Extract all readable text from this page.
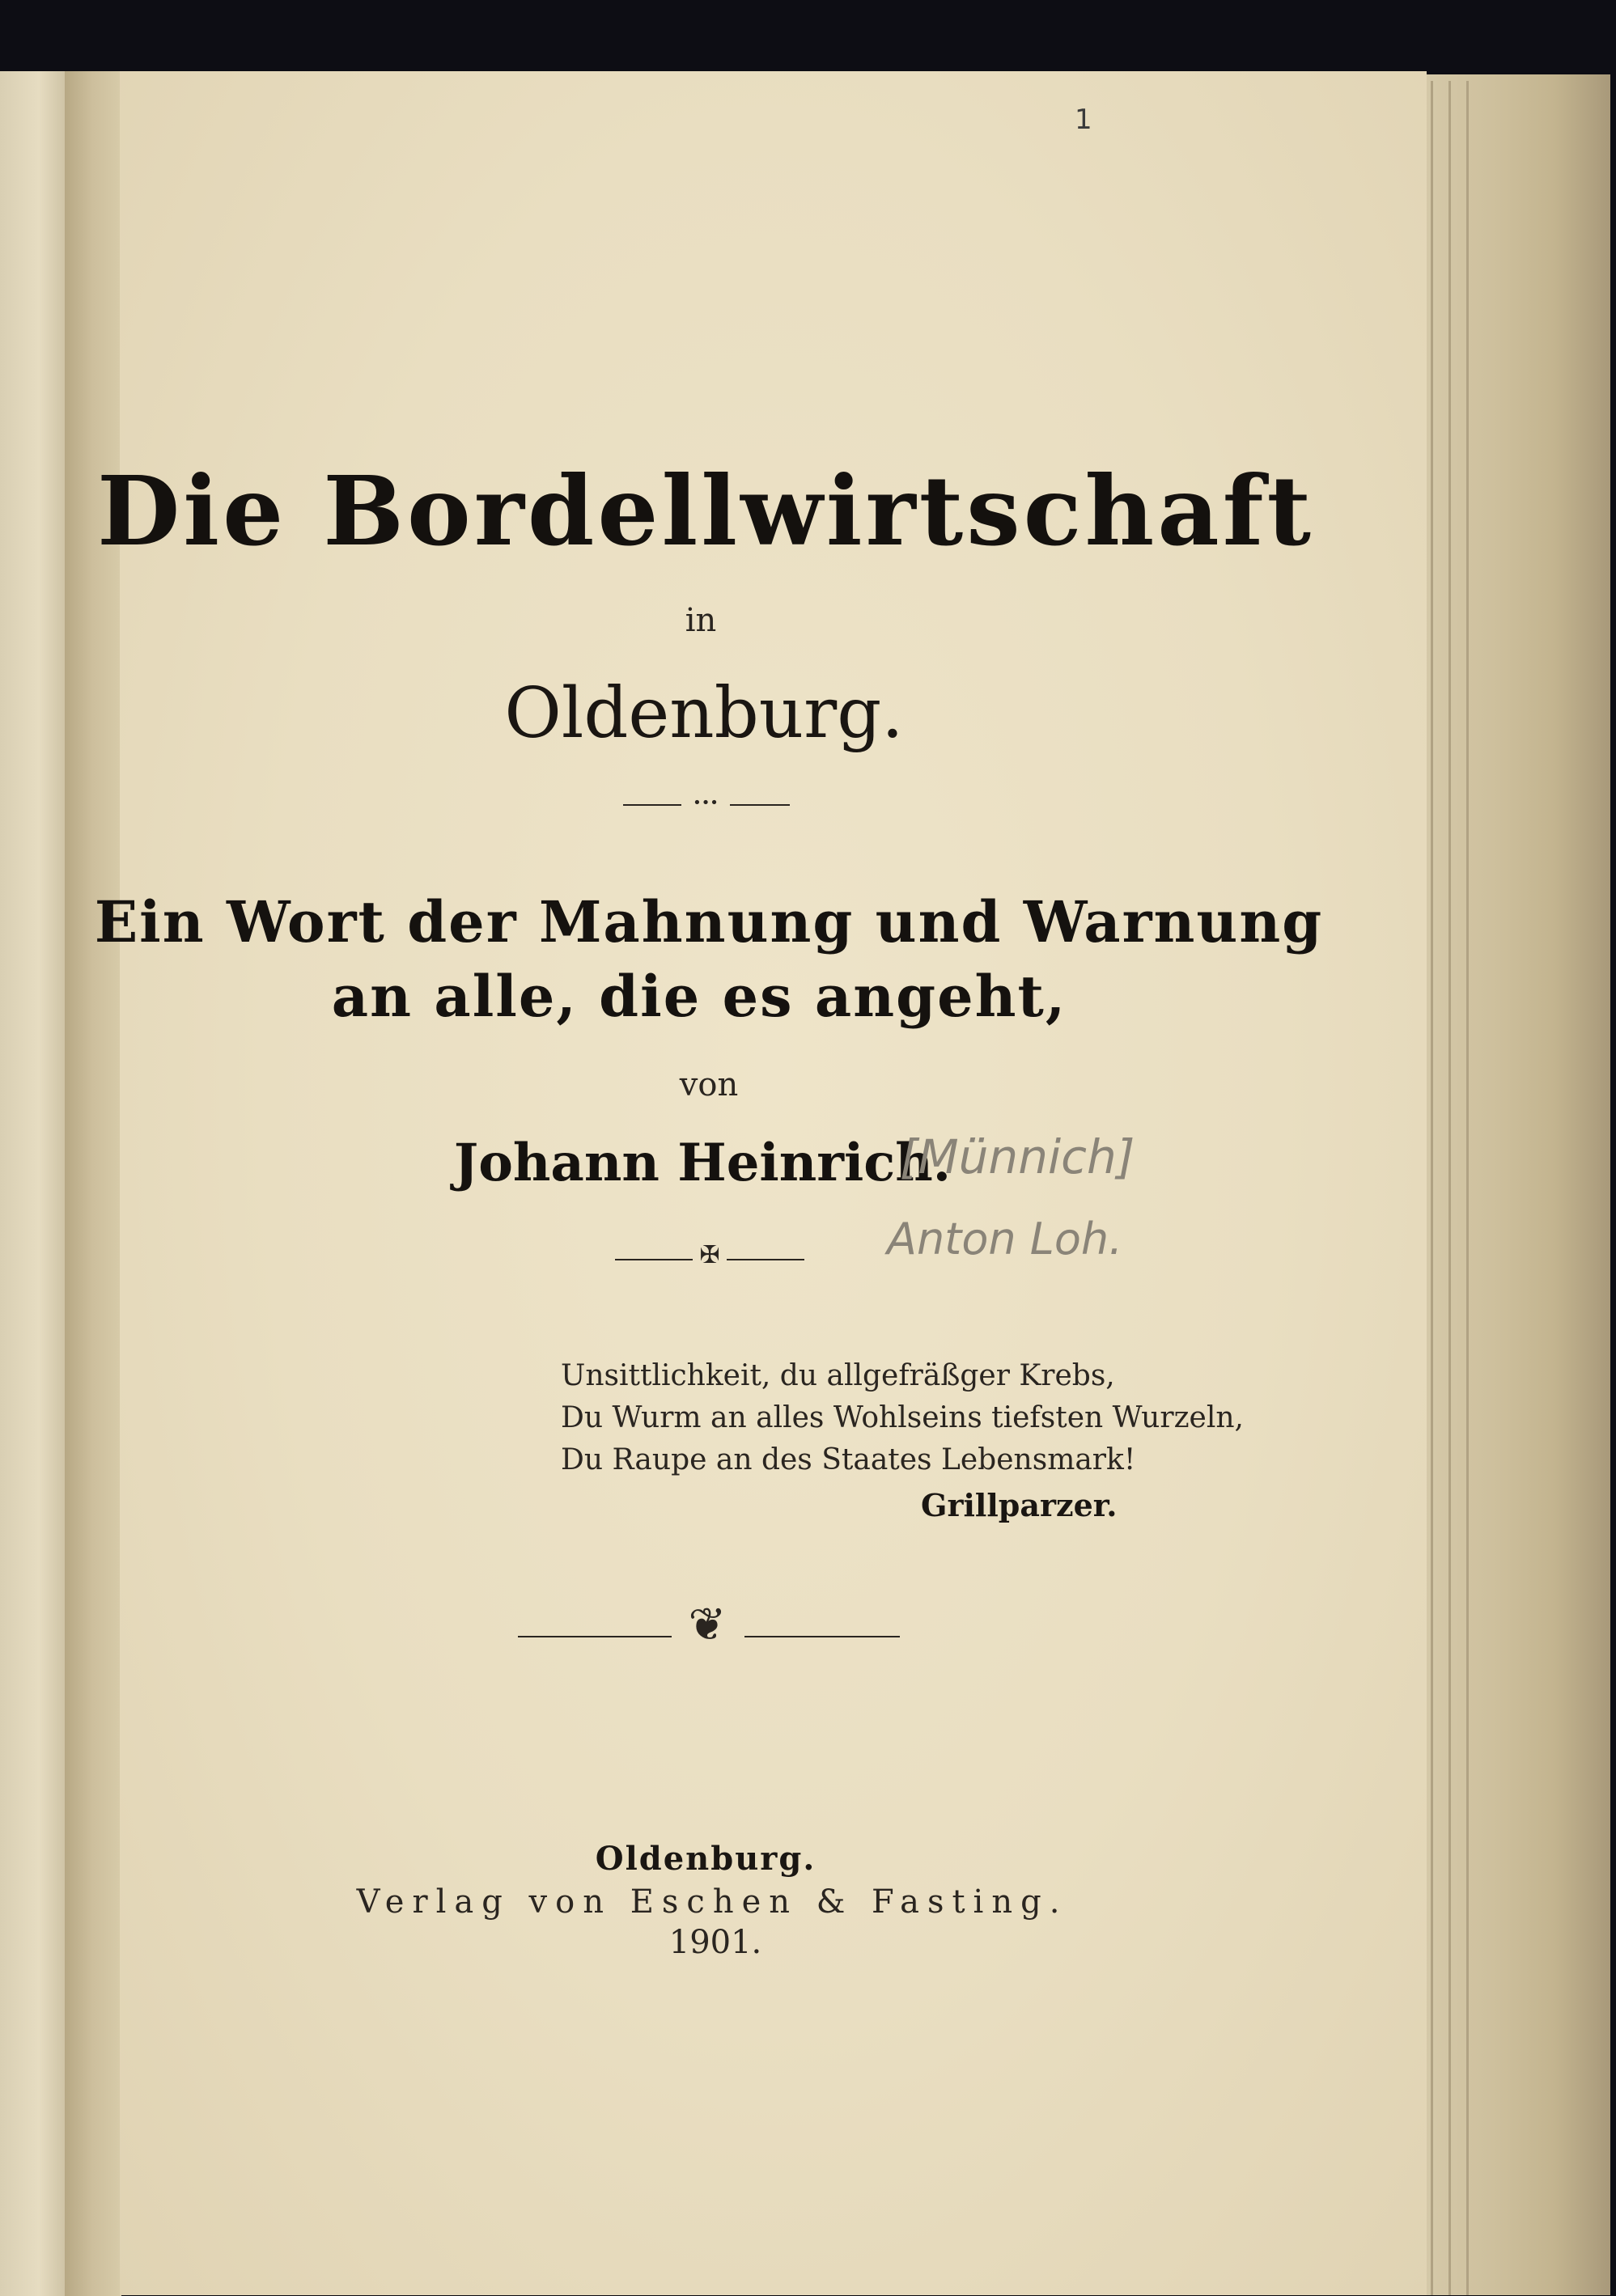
1
Die Bordellwirtschaft
in
Oldenburg.
•••
Ein Wort der Mahnung und Warnung
an alle, die es angeht,
von
Johann Heinrich.
[Münnich]
Anton Loh.
✠
Unsittlichkeit, du allgefräßger Krebs,
Du Wurm an alles Wohlseins tiefsten Wurzeln,
Du Raupe an des Staates Lebensmark!
Grillparzer.
❦
Oldenburg.
Verlag von Eschen & Fasting.
1901.
